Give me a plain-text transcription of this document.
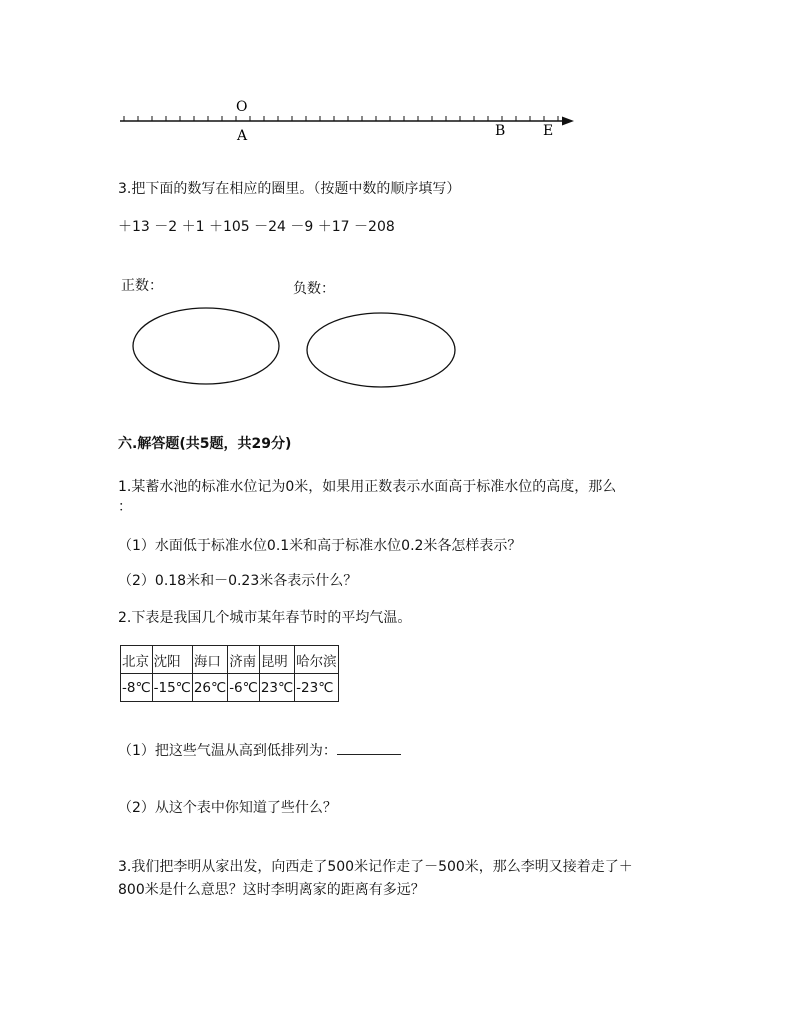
O
A	B	E
3.把下面的数写在相应的圈里。（按题中数的顺序填写）
＋13 －2 ＋1 ＋105 －24 －9 ＋17 －208
正数：	负数：
六.解答题(共5题，共29分)
1.某蓄水池的标准水位记为0米，如果用正数表示水面高于标准水位的高度，那么
：
（1）水面低于标准水位0.1米和高于标准水位0.2米各怎样表示？
（2）0.18米和－0.23米各表示什么？
2.下表是我国几个城市某年春节时的平均气温。
北京	沈阳	海口	济南	昆明	哈尔滨
-8℃	-15℃	26℃	-6℃	23℃	-23℃
（1）把这些气温从高到低排列为：
（2）从这个表中你知道了些什么？
3.我们把李明从家出发，向西走了500米记作走了－500米，那么李明又接着走了＋
800米是什么意思？这时李明离家的距离有多远？
